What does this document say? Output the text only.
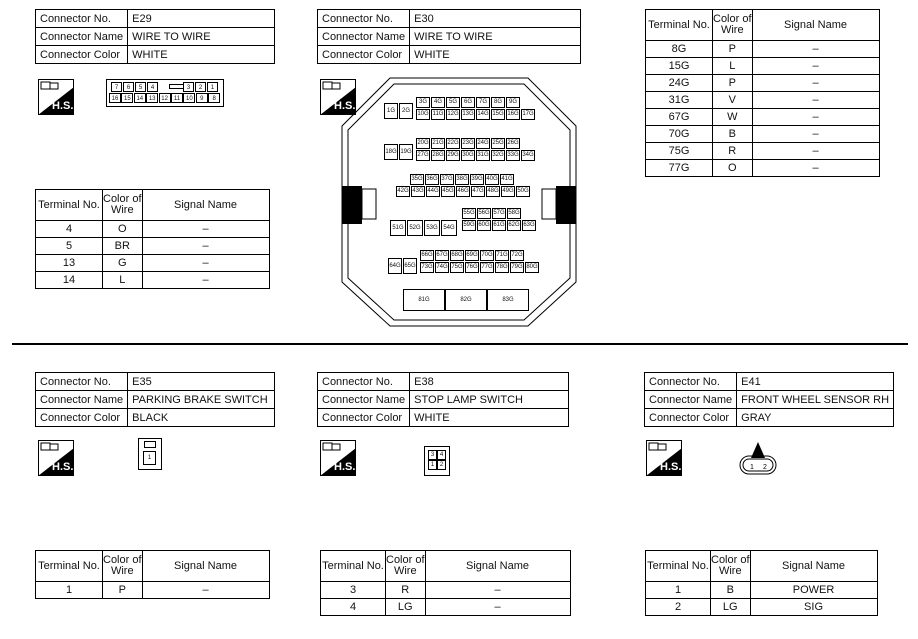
Connector No.	E29
Connector Name	WIRE TO WIRE
Connector Color	WHITE
H.S.
7	6	5	4	3	2	1
16 15 14 13 12 11 10	9	8
Terminal No.	Color of
Wire	Signal Name
4	O	–
5	BR	–
13	G	–
14	L	–
Connector No.	E30
Connector Name	WIRE TO WIRE
Connector Color	WHITE
H.S.	3G	4G	5G	6G	7G	8G	9G
10G 11G 12G 13G 14G 15G 16G 17G
1G	2G
20G 21G 22G 23G 24G 25G 26G
27G 28G 29G 30G 31G 32G 33G 34G
18G 19G
35G 36G 37G 38G 39G 40G 41G
42G 43G 44G 45G 46G 47G 48G 49G 50G
55G 56G 57G 58G
59G 60G 61G 62G 63G
51G 52G 53G 54G
66G 67G 68G 69G 70G 71G 72G
73G 74G 75G 76G 77G 78G 79G 80G
64G 65G
81G	82G	83G
Terminal No.	Color of
Wire	Signal Name
8G	P	–
15G	L	–
24G	P	–
31G	V	–
67G	W	–
70G	B	–
75G	R	–
77G	O	–
Connector No.	E35
Connector Name	PARKING BRAKE SWITCH
Connector Color	BLACK
H.S.
1
Terminal No.	Color of
Wire	Signal Name
1	P	–
Connector No.	E38
Connector Name	STOP LAMP SWITCH
Connector Color	WHITE
H.S.
3 4
1 2
Terminal No.	Color of
Wire	Signal Name
3	R	–
4	LG	–
Connector No.	E41
Connector Name	FRONT WHEEL SENSOR RH
Connector Color	GRAY
H.S.	1 2
Terminal No.	Color of
Wire	Signal Name
1	B	POWER
2	LG	SIG
